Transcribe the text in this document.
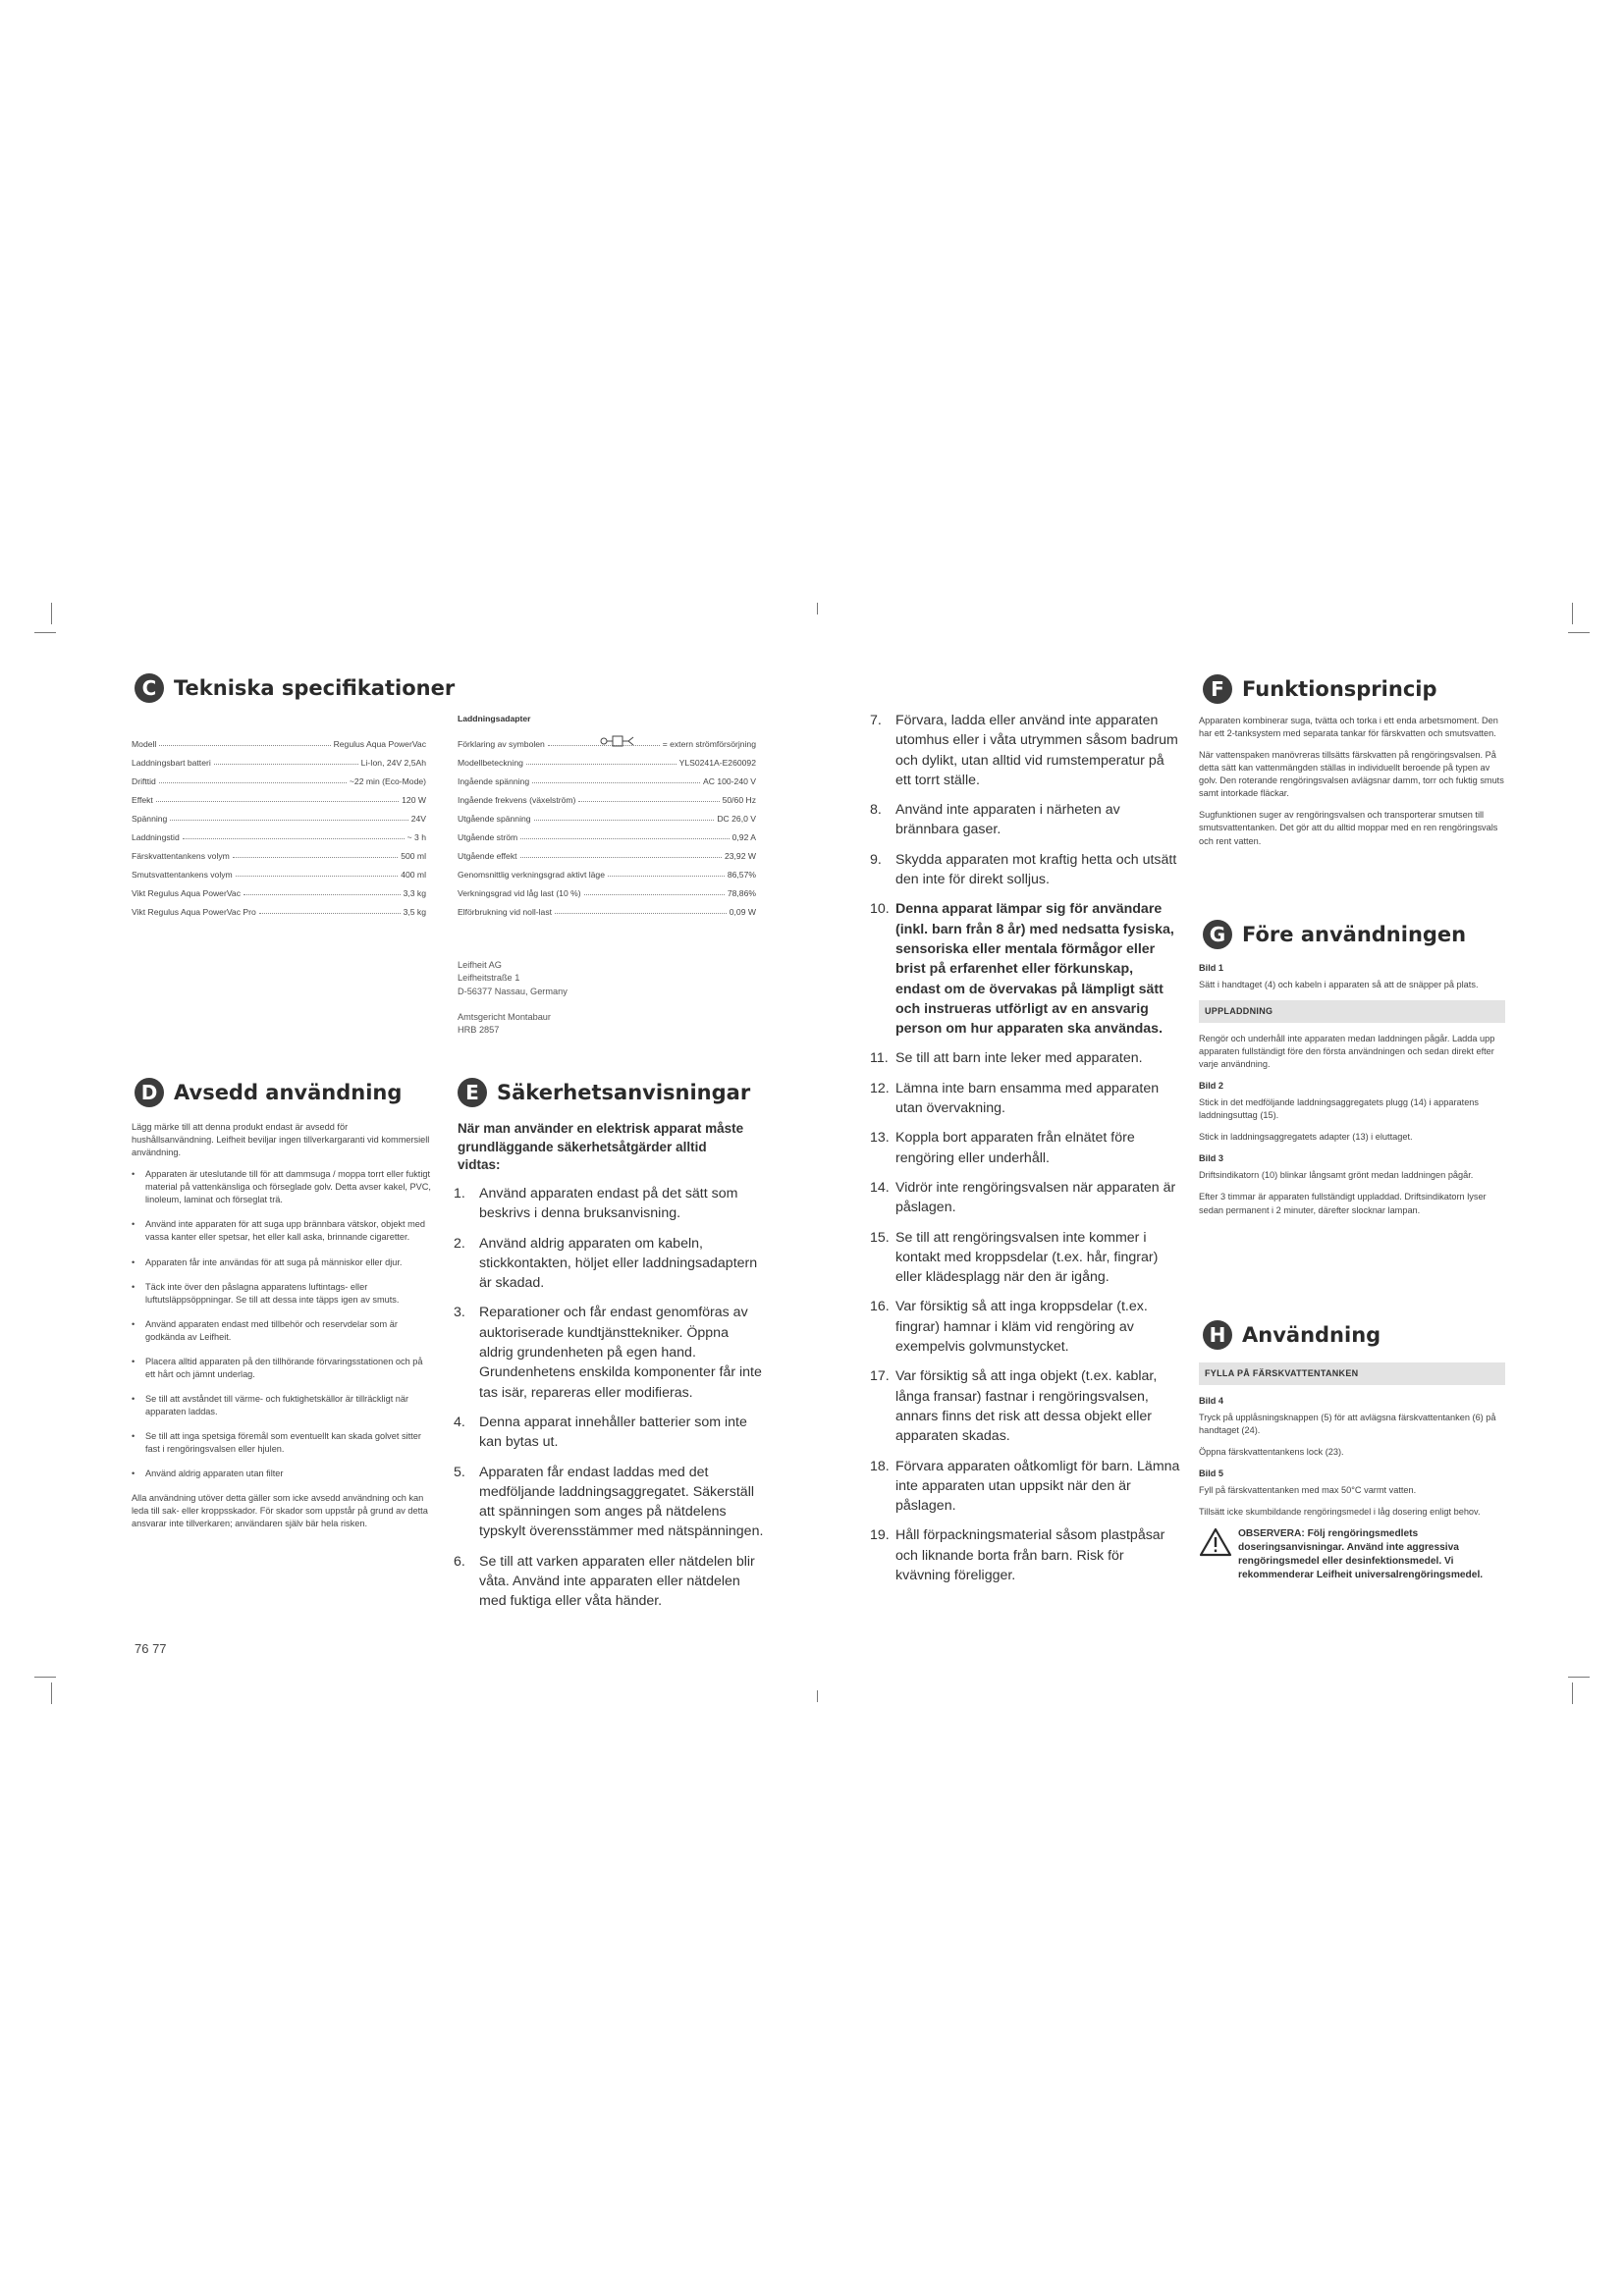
C Tekniska specifikationer
Modell	Regulus Aqua PowerVac
Laddningsbart batteri	Li-Ion, 24V 2,5Ah
Drifttid	~22 min (Eco-Mode)
Effekt	120 W
Spänning	24V
Laddningstid	~ 3 h
Färskvattentankens volym	500 ml
Smutsvattentankens volym	400 ml
Vikt Regulus Aqua PowerVac	3,3 kg
Vikt Regulus Aqua PowerVac Pro	3,5 kg
Laddningsadapter
Förklaring av symbolen	= extern strömförsörjning
Modellbeteckning	YLS0241A-E260092
Ingående spänning	AC 100-240 V
Ingående frekvens (växelström)	50/60 Hz
Utgående spänning	DC 26,0 V
Utgående ström	0,92 A
Utgående effekt	23,92 W
Genomsnittlig verkningsgrad aktivt läge	86,57%
Verkningsgrad vid låg last (10 %)	78,86%
Elförbrukning vid noll-last	0,09 W
Leifheit AG
Leifheitstraße 1
D-56377 Nassau, Germany
Amtsgericht Montabaur
HRB 2857
D Avsedd användning

Lägg märke till att denna produkt endast är avsedd för hushållsanvändning. Leifheit beviljar ingen tillverkargaranti vid kommersiell användning.

• Apparaten är uteslutande till för att dammsuga / moppa torrt eller fuktigt material på vattenkänsliga och förseglade golv. Detta avser kakel, PVC, linoleum, laminat och förseglat trä.
• Använd inte apparaten för att suga upp brännbara vätskor, objekt med vassa kanter eller spetsar, het eller kall aska, brinnande cigaretter.
• Apparaten får inte användas för att suga på människor eller djur.
• Täck inte över den påslagna apparatens luftintags- eller luftutsläppsöppningar. Se till att dessa inte täpps igen av smuts.
• Använd apparaten endast med tillbehör och reservdelar som är godkända av Leifheit.
• Placera alltid apparaten på den tillhörande förvaringsstationen och på ett hårt och jämnt underlag.
• Se till att avståndet till värme- och fuktighetskällor är tillräckligt när apparaten laddas.
• Se till att inga spetsiga föremål som eventuellt kan skada golvet sitter fast i rengöringsvalsen eller hjulen.
• Använd aldrig apparaten utan filter

Alla användning utöver detta gäller som icke avsedd användning och kan leda till sak- eller kroppsskador. För skador som uppstår på grund av detta ansvarar inte tillverkaren; användaren själv bär hela risken.

E Säkerhetsanvisningar
När man använder en elektrisk apparat måste grundläggande säkerhetsåtgärder alltid vidtas:
1. Använd apparaten endast på det sätt som beskrivs i denna bruksanvisning.
2. Använd aldrig apparaten om kabeln, stickkontakten, höljet eller laddningsadaptern är skadad.
3. Reparationer och får endast genomföras av auktoriserade kundtjänsttekniker. Öppna aldrig grundenheten på egen hand. Grundenhetens enskilda komponenter får inte tas isär, repareras eller modifieras.
4. Denna apparat innehåller batterier som inte kan bytas ut.
5. Apparaten får endast laddas med det medföljande laddningsaggregatet. Säkerställ att spänningen som anges på nätdelens typskylt överensstämmer med nätspänningen.
6. Se till att varken apparaten eller nätdelen blir våta. Använd inte apparaten eller nätdelen med fuktiga eller våta händer.
7. Förvara, ladda eller använd inte apparaten utomhus eller i våta utrymmen såsom badrum och dylikt, utan alltid vid rumstemperatur på ett torrt ställe.
8. Använd inte apparaten i närheten av brännbara gaser.
9. Skydda apparaten mot kraftig hetta och utsätt den inte för direkt solljus.
10. Denna apparat lämpar sig för användare (inkl. barn från 8 år) med nedsatta fysiska, sensoriska eller mentala förmågor eller brist på erfarenhet eller förkunskap, endast om de övervakas på lämpligt sätt och instrueras utförligt av en ansvarig person om hur apparaten ska användas.
11. Se till att barn inte leker med apparaten.
12. Lämna inte barn ensamma med apparaten utan övervakning.
13. Koppla bort apparaten från elnätet före rengöring eller underhåll.
14. Vidrör inte rengöringsvalsen när apparaten är påslagen.
15. Se till att rengöringsvalsen inte kommer i kontakt med kroppsdelar (t.ex. hår, fingrar) eller klädesplagg när den är igång.
16. Var försiktig så att inga kroppsdelar (t.ex. fingrar) hamnar i kläm vid rengöring av exempelvis golvmunstycket.
17. Var försiktig så att inga objekt (t.ex. kablar, långa fransar) fastnar i rengöringsvalsen, annars finns det risk att dessa objekt eller apparaten skadas.
18. Förvara apparaten oåtkomligt för barn. Lämna inte apparaten utan uppsikt när den är påslagen.
19. Håll förpackningsmaterial såsom plastpåsar och liknande borta från barn. Risk för kvävning föreligger.
F Funktionsprincip

Apparaten kombinerar suga, tvätta och torka i ett enda arbetsmoment. Den har ett 2-tanksystem med separata tankar för färskvatten och smutsvatten.

När vattenspaken manövreras tillsätts färskvatten på rengöringsvalsen. På detta sätt kan vattenmängden ställas in individuellt beroende på typen av golv. Den roterande rengöringsvalsen avlägsnar damm, torr och fuktig smuts samt intorkade fläckar.

Sugfunktionen suger av rengöringsvalsen och transporterar smutsen till smutsvattentanken. Det gör att du alltid moppar med en ren rengöringsvals och rent vatten.

G Före användningen
Bild 1

Sätt i handtaget (4) och kabeln i apparaten så att de snäpper på plats.

UPPLADDNING

Rengör och underhåll inte apparaten medan laddningen pågår. Ladda upp apparaten fullständigt före den första användningen och sedan direkt efter varje användning.

Bild 2

Stick in det medföljande laddningsaggregatets plugg (14) i apparatens laddningsuttag (15).

Stick in laddningsaggregatets adapter (13) i eluttaget.

Bild 3

Driftsindikatorn (10) blinkar långsamt grönt medan laddningen pågår.

Efter 3 timmar är apparaten fullständigt uppladdad. Driftsindikatorn lyser sedan permanent i 2 minuter, därefter slocknar lampan.

H Användning
FYLLA PÅ FÄRSKVATTENTANKEN
Bild 4

Tryck på upplåsningsknappen (5) för att avlägsna färskvattentanken (6) på handtaget (24).

Öppna färskvattentankens lock (23).

Bild 5

Fyll på färskvattentanken med max 50°C varmt vatten.

Tillsätt icke skumbildande rengöringsmedel i låg dosering enligt behov.

OBSERVERA: Följ rengöringsmedlets doseringsanvisningar. Använd inte aggressiva rengöringsmedel eller desinfektionsmedel. Vi rekommenderar Leifheit universalrengöringsmedel.
76 77
